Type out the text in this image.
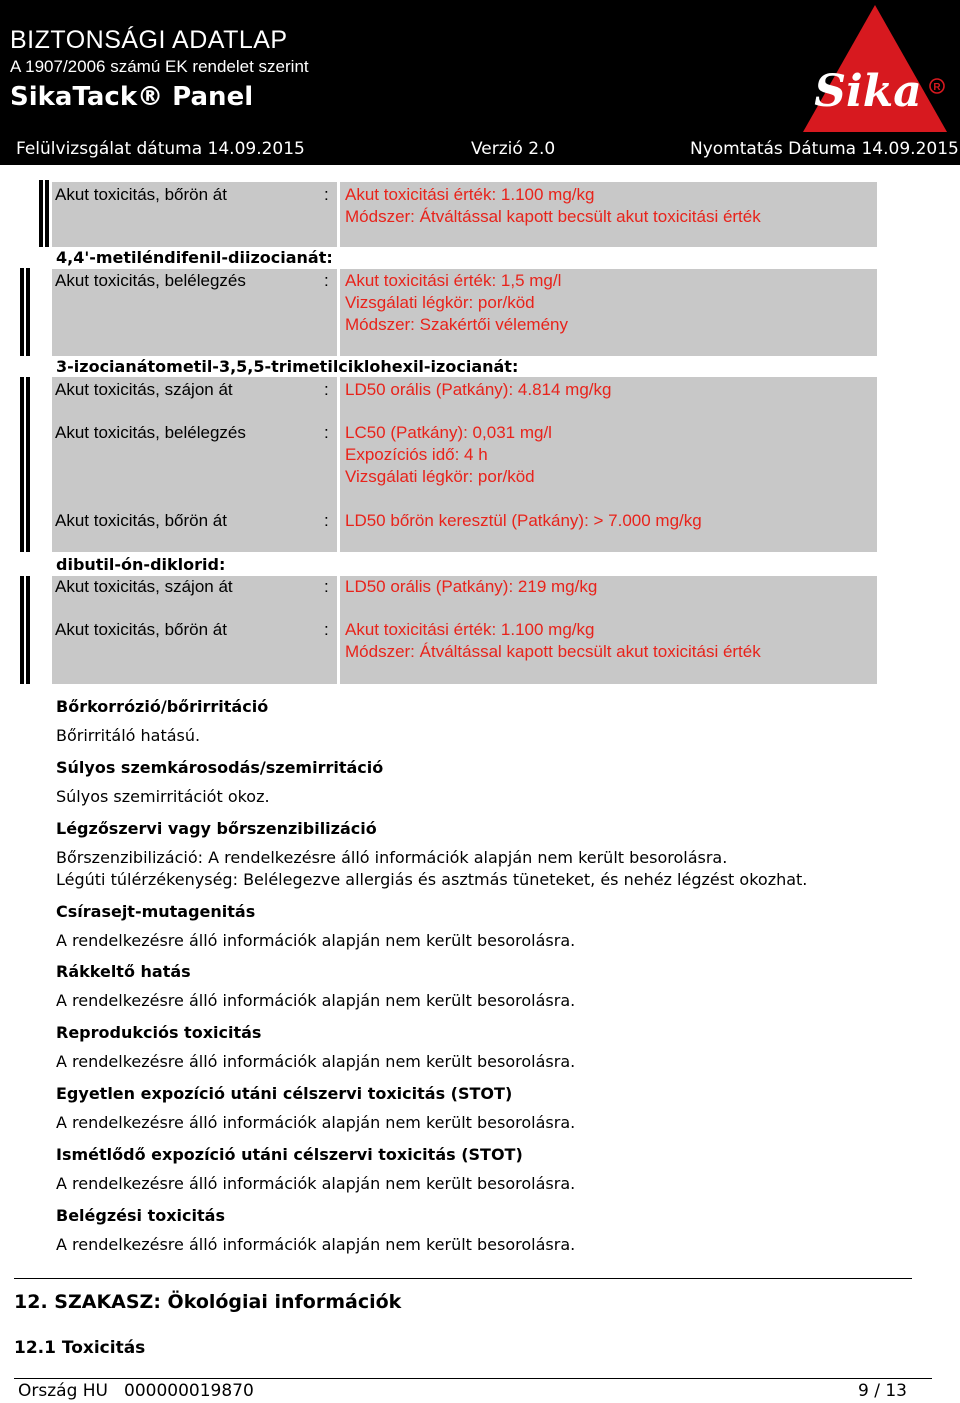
BIZTONSÁGI ADATLAP
A 1907/2006 számú EK rendelet szerint
SikaTack® Panel
Felülvizsgálat dátuma 14.09.2015	Verzió 2.0	Nyomtatás Dátuma 14.09.2015
Sika R
Akut toxicitás, bőrön át	: Akut toxicitási érték: 1.100 mg/kg
Módszer: Átváltással kapott becsült akut toxicitási érték
4,4'-metiléndifenil-diizocianát:
Akut toxicitás, belélegzés	: Akut toxicitási érték: 1,5 mg/l
Vizsgálati légkör: por/köd
Módszer: Szakértői vélemény
3-izocianátometil-3,5,5-trimetilciklohexil-izocianát:
Akut toxicitás, szájon át	: LD50 orális (Patkány): 4.814 mg/kg
Akut toxicitás, belélegzés	: LC50 (Patkány): 0,031 mg/l
Expozíciós idő: 4 h
Vizsgálati légkör: por/köd
Akut toxicitás, bőrön át	: LD50 bőrön keresztül (Patkány): > 7.000 mg/kg
dibutil-ón-diklorid:
Akut toxicitás, szájon át	: LD50 orális (Patkány): 219 mg/kg
Akut toxicitás, bőrön át	: Akut toxicitási érték: 1.100 mg/kg
Módszer: Átváltással kapott becsült akut toxicitási érték
Bőrkorrózió/bőrirritáció
Bőrirritáló hatású.
Súlyos szemkárosodás/szemirritáció
Súlyos szemirritációt okoz.
Légzőszervi vagy bőrszenzibilizáció
Bőrszenzibilizáció: A rendelkezésre álló információk alapján nem került besorolásra.
Légúti túlérzékenység: Belélegezve allergiás és asztmás tüneteket, és nehéz légzést okozhat.
Csírasejt-mutagenitás
A rendelkezésre álló információk alapján nem került besorolásra.
Rákkeltő hatás
A rendelkezésre álló információk alapján nem került besorolásra.
Reprodukciós toxicitás
A rendelkezésre álló információk alapján nem került besorolásra.
Egyetlen expozíció utáni célszervi toxicitás (STOT)
A rendelkezésre álló információk alapján nem került besorolásra.
Ismétlődő expozíció utáni célszervi toxicitás (STOT)
A rendelkezésre álló információk alapján nem került besorolásra.
Belégzési toxicitás
A rendelkezésre álló információk alapján nem került besorolásra.
12. SZAKASZ: Ökológiai információk
12.1 Toxicitás
Ország HU 000000019870	9 / 13
